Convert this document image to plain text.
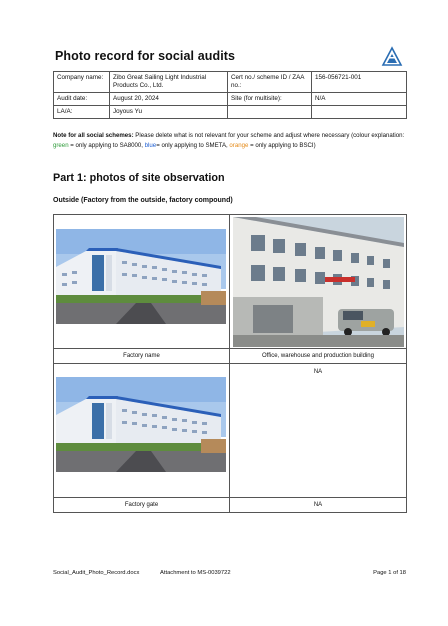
Photo record for social audits
Company name:	Zibo Great Sailing Light Industrial Products Co., Ltd.	Cert no./ scheme ID / ZAA no.:	156-056721-001
Audit date:	August 20, 2024	Site (for multisite):	N/A
LA/A:	Joyous Yu		
Note for all social schemes: Please delete what is not relevant for your scheme and adjust where necessary (colour explanation: green = only applying to SA8000, blue= only applying to SMETA, orange = only applying to BSCI)
Part 1: photos of site observation
Outside (Factory from the outside, factory compound)

Factory name	Office, warehouse and production building

NA

Factory gate	NA
Social_Audit_Photo_Record.docx	Attachment to MS-0039722	Page 1 of 18
